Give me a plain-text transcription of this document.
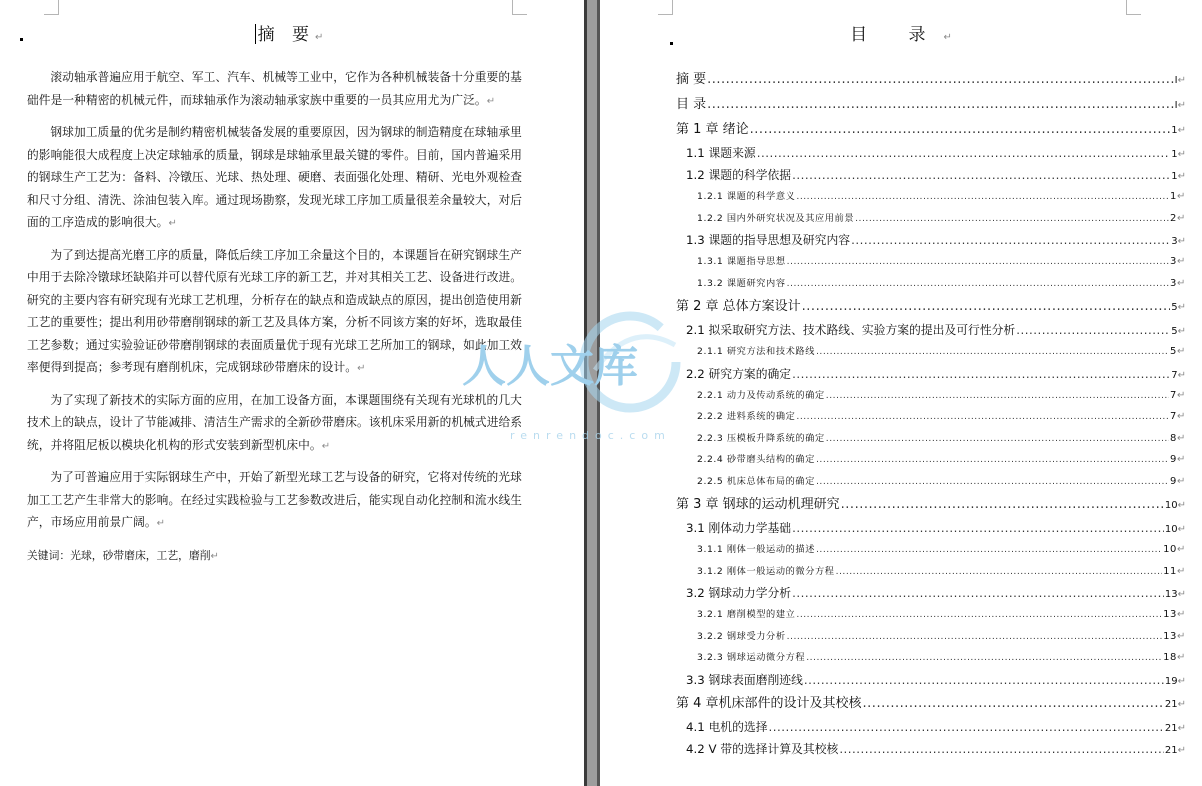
摘 要↵

滚动轴承普遍应用于航空、军工、汽车、机械等工业中，它作为各种机械装备十分重要的基础件是一种精密的机械元件，而球轴承作为滚动轴承家族中重要的一员其应用尤为广泛。↵

钢球加工质量的优劣是制约精密机械装备发展的重要原因，因为钢球的制造精度在球轴承里的影响能很大成程度上决定球轴承的质量，钢球是球轴承里最关键的零件。目前，国内普遍采用的钢球生产工艺为：备料、冷镦压、光球、热处理、硬磨、表面强化处理、精研、光电外观检查和尺寸分组、清洗、涂油包装入库。通过现场勘察，发现光球工序加工质量很差余量较大，对后面的工序造成的影响很大。↵

为了到达提高光磨工序的质量，降低后续工序加工余量这个目的，本课题旨在研究钢球生产中用于去除冷镦球坯缺陷并可以替代原有光球工序的新工艺，并对其相关工艺、设备进行改进。研究的主要内容有研究现有光球工艺机理，分析存在的缺点和造成缺点的原因，提出创造使用新工艺的重要性；提出利用砂带磨削钢球的新工艺及具体方案，分析不同该方案的好坏，选取最佳工艺参数；通过实验验证砂带磨削钢球的表面质量优于现有光球工艺所加工的钢球，如此加工效率便得到提高；参考现有磨削机床，完成钢球砂带磨床的设计。↵

为了实现了新技术的实际方面的应用，在加工设备方面，本课题围绕有关现有光球机的几大技术上的缺点，设计了节能减排、清洁生产需求的全新砂带磨床。该机床采用新的机械式进给系统，并将阻尼板以模块化机构的形式安装到新型机床中。↵

为了可普遍应用于实际钢球生产中，开始了新型光球工艺与设备的研究，它将对传统的光球加工工艺产生非常大的影响。在经过实践检验与工艺参数改进后，能实现自动化控制和流水线生产，市场应用前景广阔。↵

关键词：光球，砂带磨床，工艺，磨削↵
目 录↵
摘 要 .....	I ↵
目 录 .....	I ↵
第 1 章 绪论 .....	1 ↵
1.1 课题来源 .....	1 ↵
1.2 课题的科学依据 .....	1 ↵
1.2.1 课题的科学意义 .....	1 ↵
1.2.2 国内外研究状况及其应用前景 .....	2 ↵
1.3 课题的指导思想及研究内容 .....	3 ↵
1.3.1 课题指导思想 .....	3 ↵
1.3.2 课题研究内容 .....	3 ↵
第 2 章 总体方案设计 .....	5 ↵
2.1 拟采取研究方法、技术路线、实验方案的提出及可行性分析 .....	5 ↵
2.1.1 研究方法和技术路线 .....	5 ↵
2.2 研究方案的确定 .....	7 ↵
2.2.1 动力及传动系统的确定 .....	7 ↵
2.2.2 进料系统的确定 .....	7 ↵
2.2.3 压模板升降系统的确定 .....	8 ↵
2.2.4 砂带磨头结构的确定 .....	9 ↵
2.2.5 机床总体布局的确定 .....	9 ↵
第 3 章 钢球的运动机理研究 .....	10 ↵
3.1 刚体动力学基础 .....	10 ↵
3.1.1 刚体一般运动的描述 .....	10 ↵
3.1.2 刚体一般运动的微分方程 .....	11 ↵
3.2 钢球动力学分析 .....	13 ↵
3.2.1 磨削模型的建立 .....	13 ↵
3.2.2 钢球受力分析 .....	13 ↵
3.2.3 钢球运动微分方程 .....	18 ↵
3.3 钢球表面磨削迹线 .....	19 ↵
第 4 章机床部件的设计及其校核 .....	21 ↵
4.1 电机的选择 .....	21 ↵
4.2 V 带的选择计算及其校核 .....	21 ↵
人人文库
renrendoc.com
